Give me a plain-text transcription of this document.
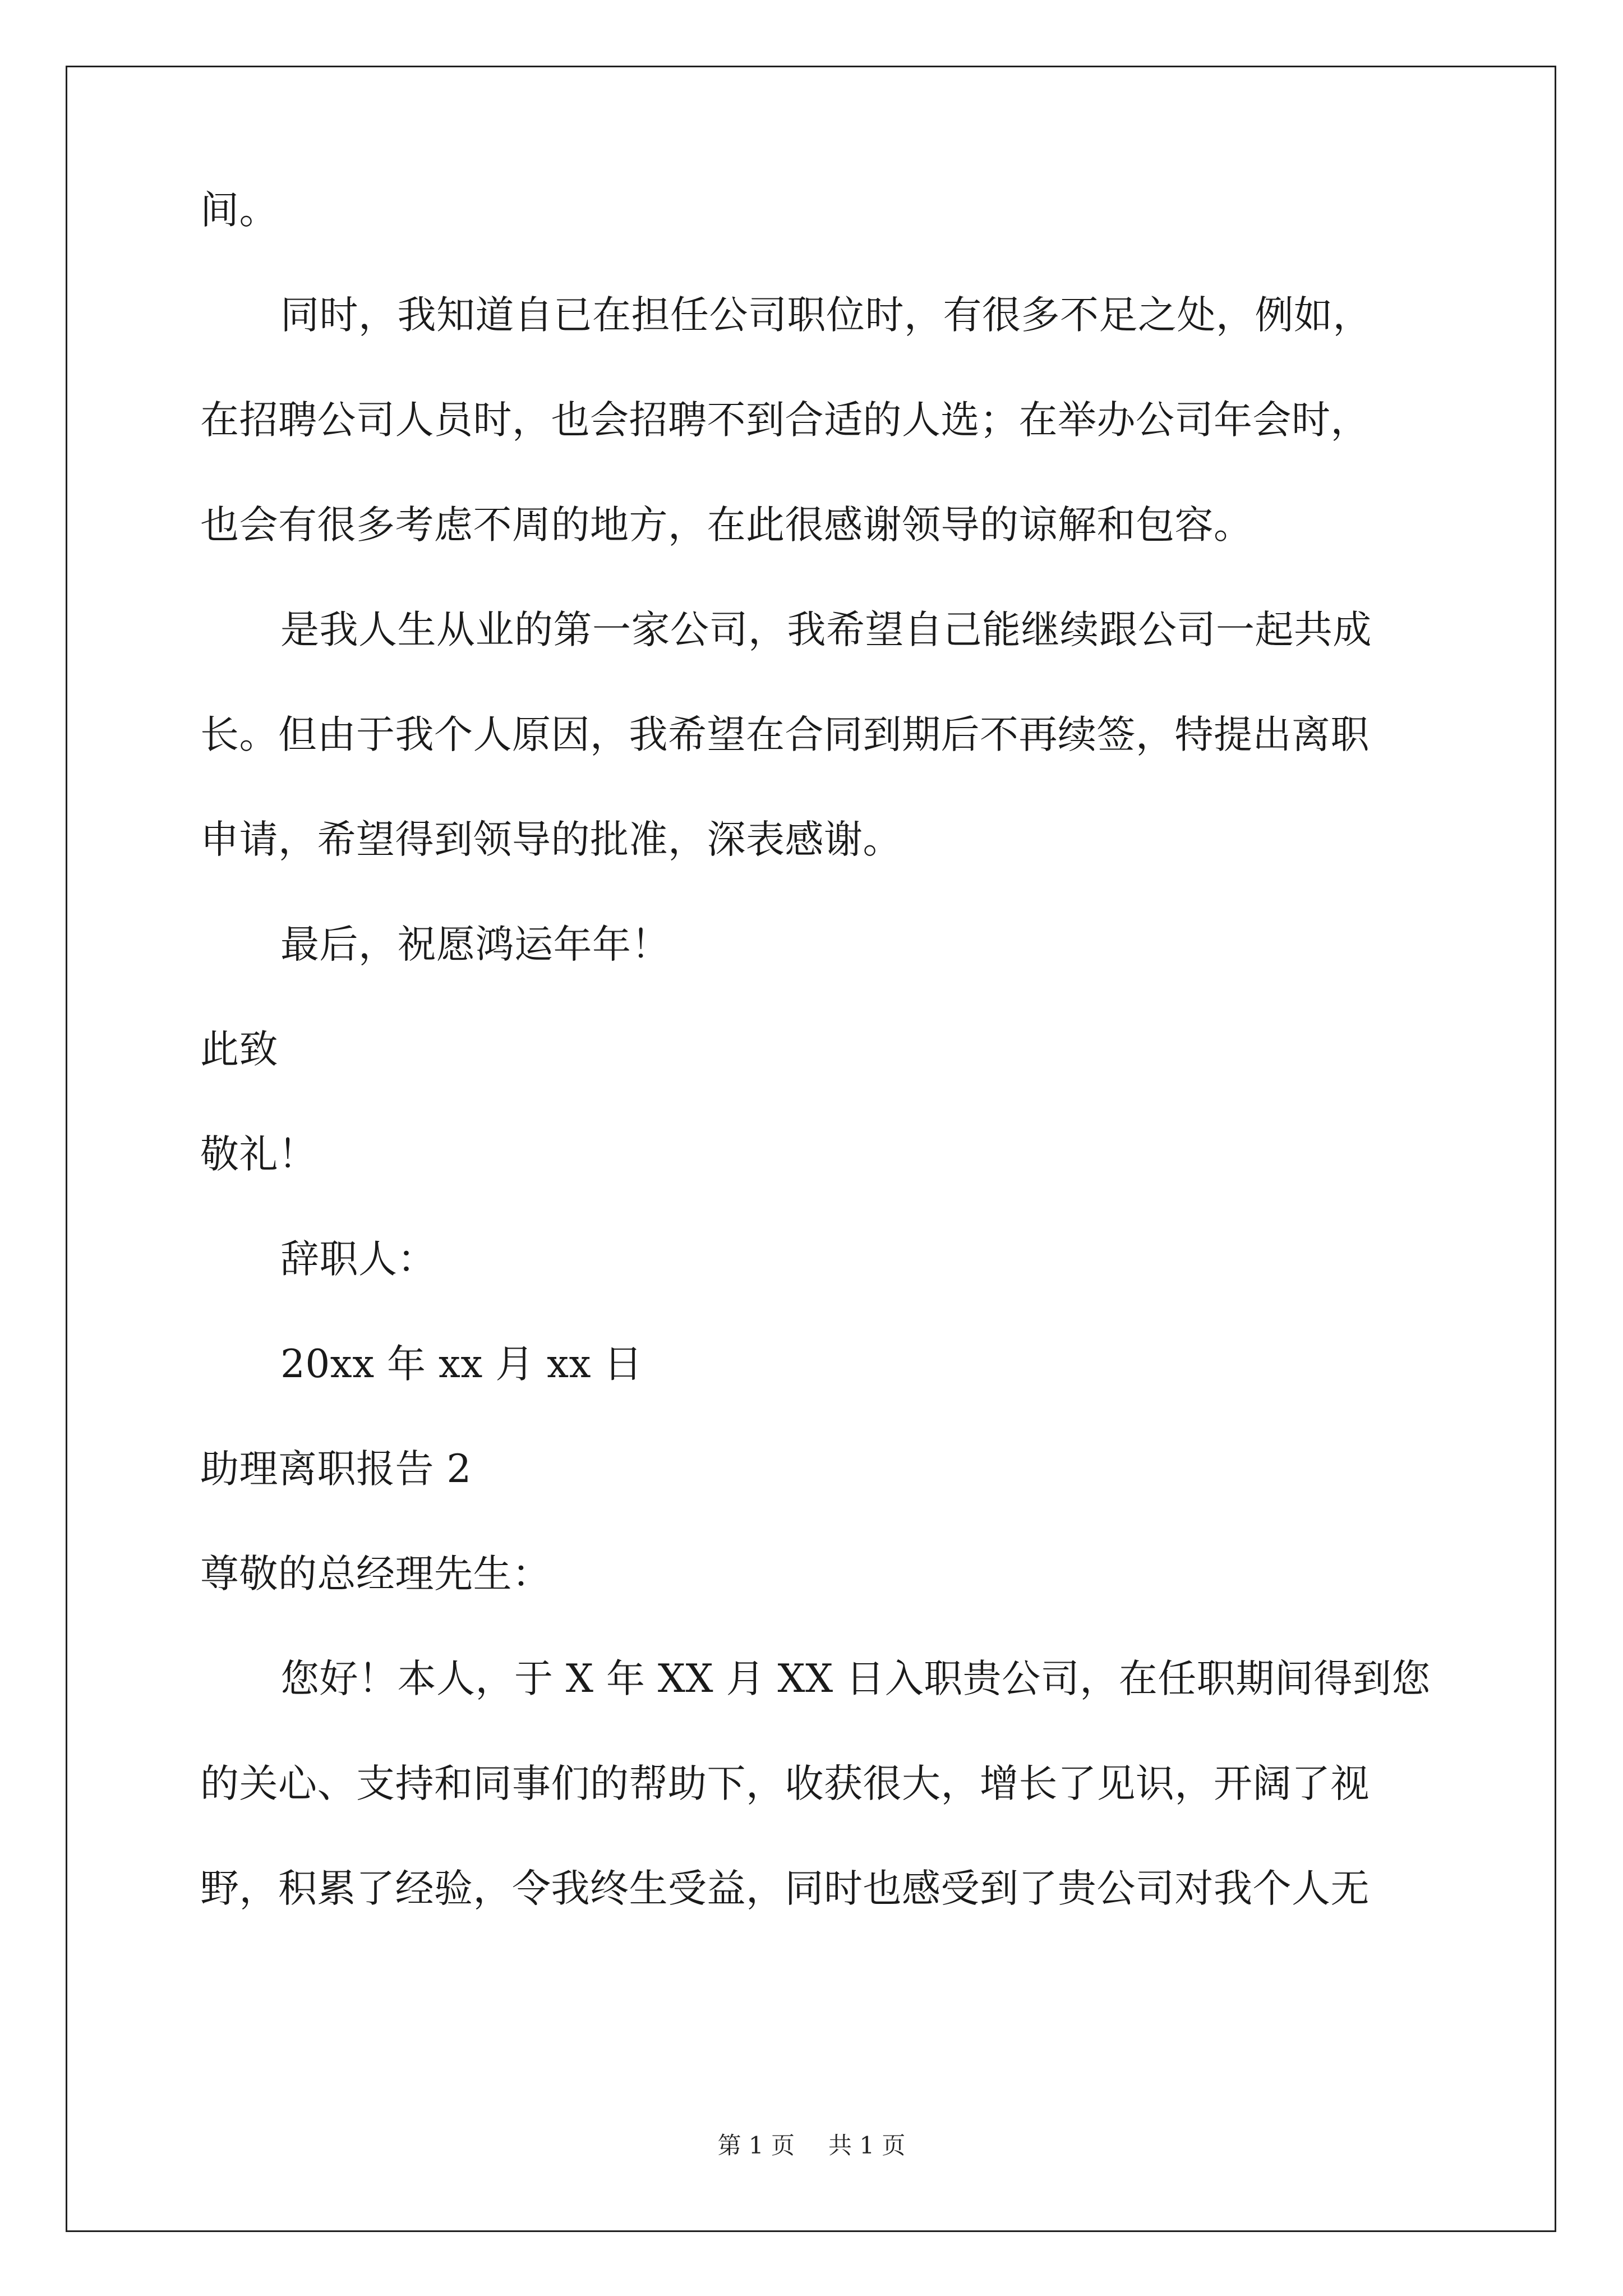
间。
同时，我知道自已在担任公司职位时，有很多不足之处，例如，
在招聘公司人员时，也会招聘不到合适的人选；在举办公司年会时，
也会有很多考虑不周的地方，在此很感谢领导的谅解和包容。
是我人生从业的第一家公司，我希望自己能继续跟公司一起共成
长。但由于我个人原因，我希望在合同到期后不再续签，特提出离职
申请，希望得到领导的批准，深表感谢。
最后，祝愿鸿运年年！
此致
敬礼！
辞职人：
20xx 年 xx 月 xx 日
助理离职报告 2
尊敬的总经理先生：
您好！本人，于 X 年 XX 月 XX 日入职贵公司，在任职期间得到您
的关心、支持和同事们的帮助下，收获很大，增长了见识，开阔了视
野，积累了经验，令我终生受益，同时也感受到了贵公司对我个人无
第 1 页 共 1 页
